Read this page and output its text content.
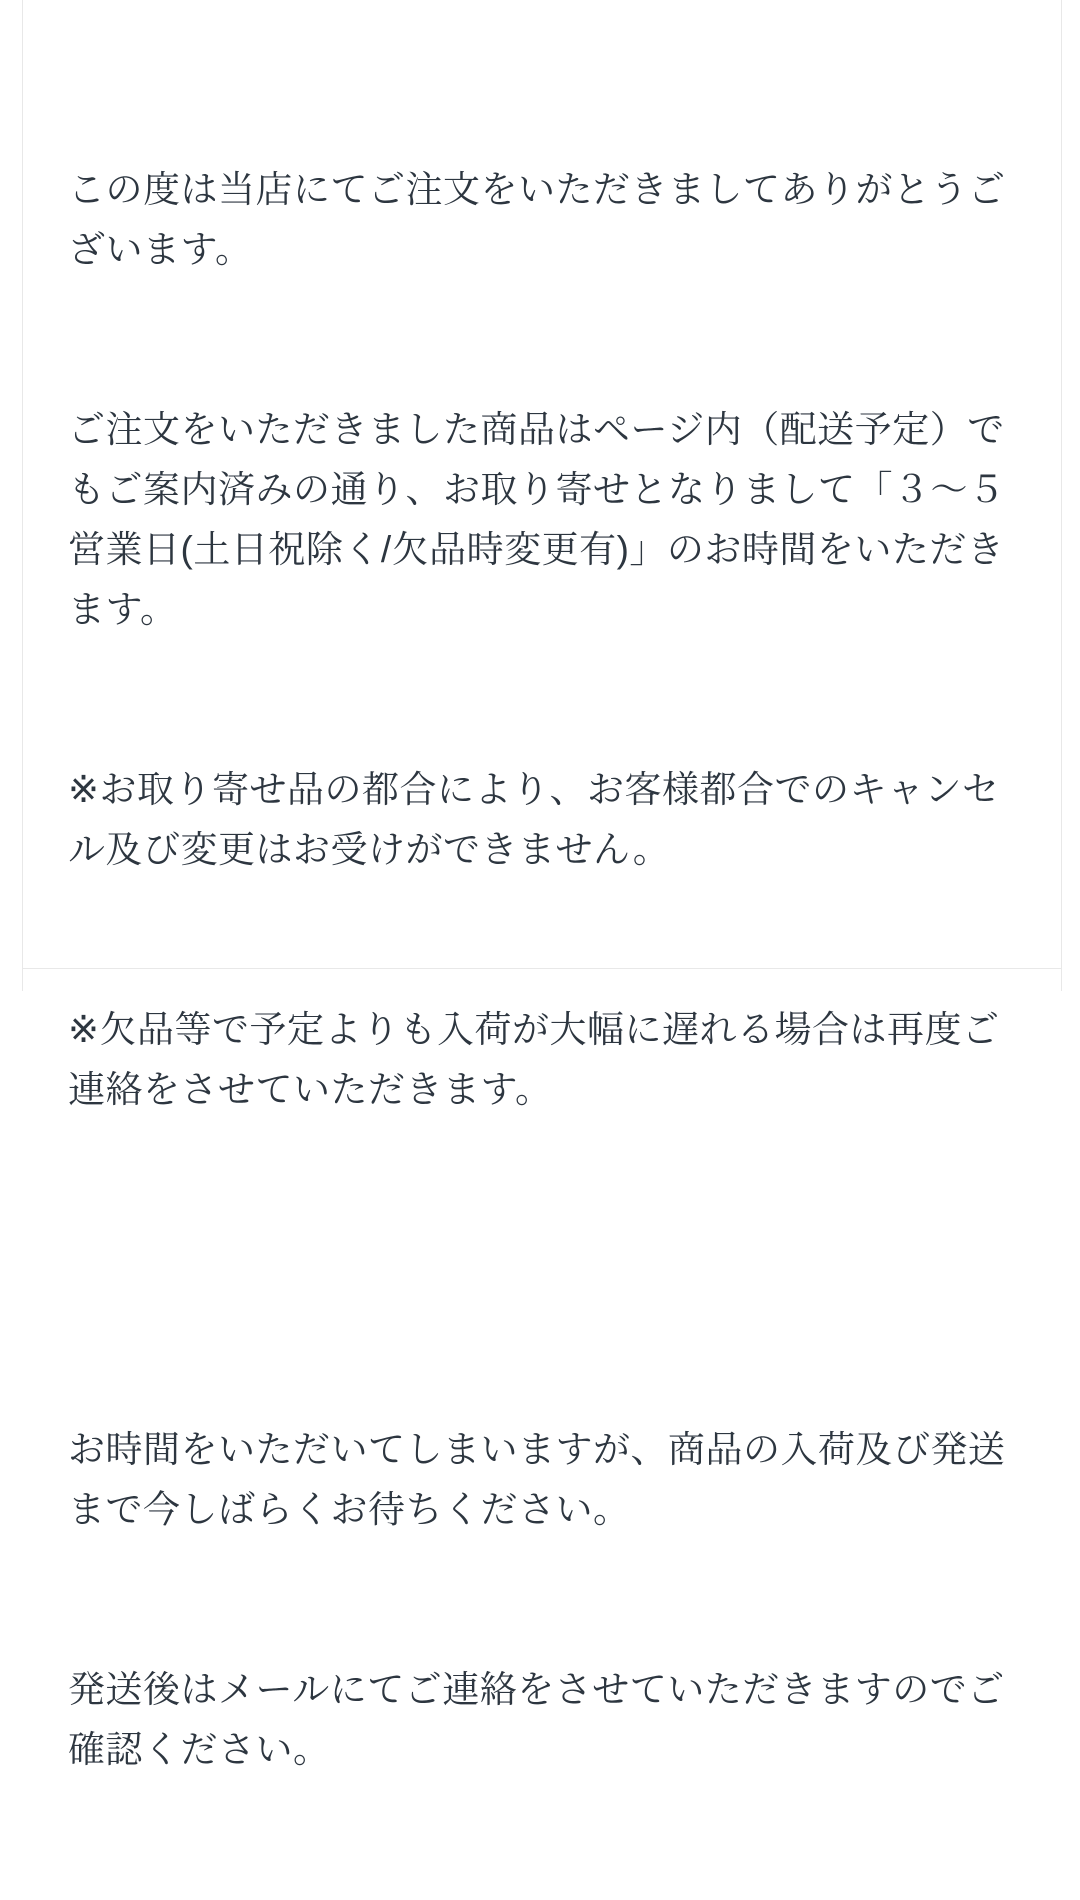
この度は当店にてご注文をいただきましてありがとうございます。

ご注文をいただきました商品はページ内（配送予定）でもご案内済みの通り、お取り寄せとなりまして「３〜５営業日(土日祝除く/欠品時変更有)」のお時間をいただきます。

※お取り寄せ品の都合により、お客様都合でのキャンセル及び変更はお受けができません。

※欠品等で予定よりも入荷が大幅に遅れる場合は再度ご連絡をさせていただきます。

お時間をいただいてしまいますが、商品の入荷及び発送まで今しばらくお待ちください。

発送後はメールにてご連絡をさせていただきますのでご確認ください。
